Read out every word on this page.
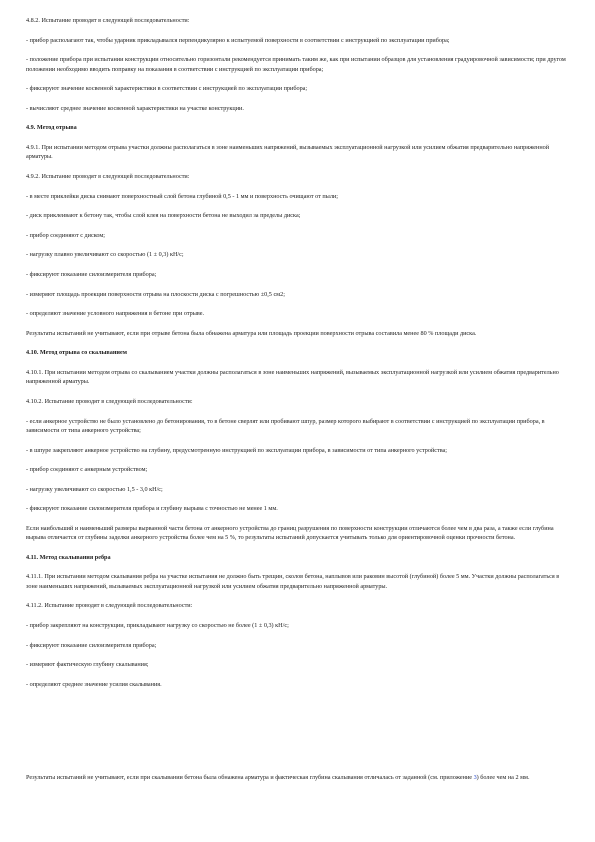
4.8.2. Испытание проводят в следующей последовательности:
- прибор располагают так, чтобы ударник прикладывался перпендикулярно к испытуемой поверхности в соответствии с инструкцией по эксплуатации прибора;
- положение прибора при испытании конструкции относительно горизонтали рекомендуется принимать таким же, как при испытании образцов для установления градуировочной зависимости; при другом положении необходимо вводить поправку на показания в соответствии с инструкцией по эксплуатации прибора;
- фиксируют значение косвенной характеристики в соответствии с инструкцией по эксплуатации прибора;
- вычисляют среднее значение косвенной характеристики на участке конструкции.
4.9. Метод отрыва
4.9.1. При испытании методом отрыва участки должны располагаться в зоне наименьших напряжений, вызываемых эксплуатационной нагрузкой или усилием обжатия предварительно напряженной арматуры.
4.9.2. Испытание проводят в следующей последовательности:
- в месте приклейки диска снимают поверхностный слой бетона глубиной 0,5 - 1 мм и поверхность очищают от пыли;
- диск приклеивают к бетону так, чтобы слой клея на поверхности бетона не выходил за пределы диска;
- прибор соединяют с диском;
- нагрузку плавно увеличивают со скоростью (1 ± 0,3) кН/с;
- фиксируют показание силоизмерителя прибора;
- измеряют площадь проекции поверхности отрыва на плоскости диска с погрешностью ±0,5 см2;
- определяют значение условного напряжения в бетоне при отрыве.
Результаты испытаний не учитывают, если при отрыве бетона была обнажена арматура или площадь проекции поверхности отрыва составила менее 80 % площади диска.
4.10. Метод отрыва со скалыванием
4.10.1. При испытании методом отрыва со скалыванием участки должны располагаться в зоне наименьших напряжений, вызываемых эксплуатационной нагрузкой или усилием обжатия предварительно напряженной арматуры.
4.10.2. Испытание проводят в следующей последовательности:
- если анкерное устройство не было установлено до бетонирования, то в бетоне сверлят или пробивают шпур, размер которого выбирают в соответствии с инструкцией по эксплуатации прибора, в зависимости от типа анкерного устройства;
- в шпуре закрепляют анкерное устройство на глубину, предусмотренную инструкцией по эксплуатации прибора, в зависимости от типа анкерного устройства;
- прибор соединяют с анкерным устройством;
- нагрузку увеличивают со скоростью 1,5 - 3,0 кН/с;
- фиксируют показание силоизмерителя прибора и глубину вырыва с точностью не менее 1 мм.
Если наибольший и наименьший размеры вырванной части бетона от анкерного устройства до границ разрушения по поверхности конструкции отличаются более чем в два раза, а также если глубина вырыва отличается от глубины заделки анкерного устройства более чем на 5 %, то результаты испытаний допускается учитывать только для ориентировочной оценки прочности бетона.
4.11. Метод скалывания ребра
4.11.1. При испытании методом скалывания ребра на участке испытания не должно быть трещин, сколов бетона, наплывов или раковин высотой (глубиной) более 5 мм. Участки должны располагаться в зоне наименьших напряжений, вызываемых эксплуатационной нагрузкой или усилием обжатия предварительно напряженной арматуры.
4.11.2. Испытание проводят в следующей последовательности:
- прибор закрепляют на конструкции, прикладывают нагрузку со скоростью не более (1 ± 0,3) кН/с;
- фиксируют показание силоизмерителя прибора;
- измеряют фактическую глубину скалывания;
- определяют среднее значение усилия скалывания.
Результаты испытаний не учитывают, если при скалывании бетона была обнажена арматура и фактическая глубина скалывания отличалась от заданной (см. приложение 3) более чем на 2 мм.
